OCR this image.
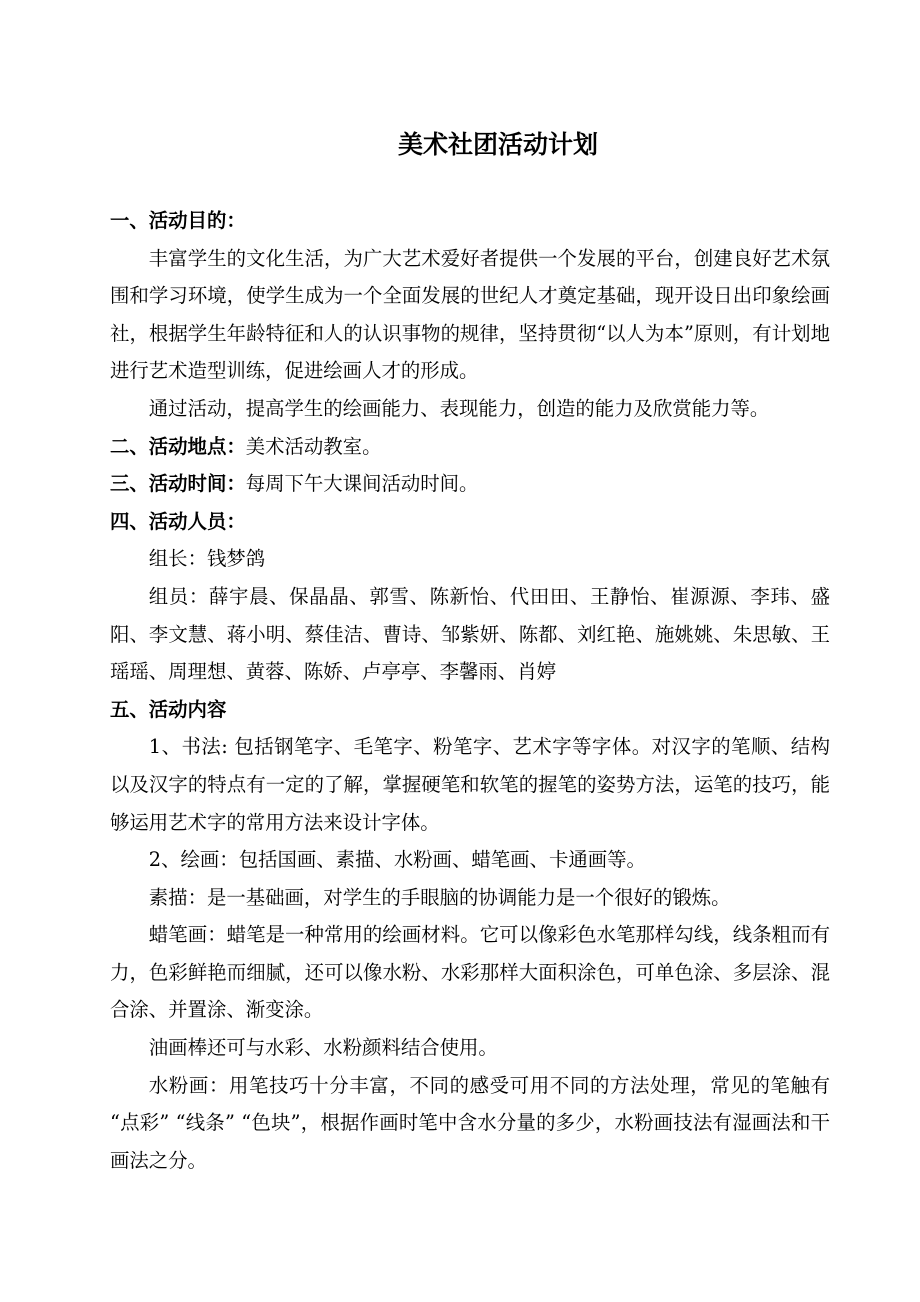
美术社团活动计划

一、活动目的：

丰富学生的文化生活，为广大艺术爱好者提供一个发展的平台，创建良好艺术氛围和学习环境，使学生成为一个全面发展的世纪人才奠定基础，现开设日出印象绘画社，根据学生年龄特征和人的认识事物的规律，坚持贯彻“以人为本”原则，有计划地进行艺术造型训练，促进绘画人才的形成。

通过活动，提高学生的绘画能力、表现能力，创造的能力及欣赏能力等。

二、活动地点：美术活动教室。

三、活动时间：每周下午大课间活动时间。

四、活动人员：

组长：钱梦鸽

组员：薛宇晨、保晶晶、郭雪、陈新怡、代田田、王静怡、崔源源、李玮、盛阳、李文慧、蒋小明、蔡佳洁、曹诗、邹紫妍、陈都、刘红艳、施姚姚、朱思敏、王瑶瑶、周理想、黄蓉、陈娇、卢亭亭、李馨雨、肖婷

五、活动内容

1、书法: 包括钢笔字、毛笔字、粉笔字、艺术字等字体。对汉字的笔顺、结构以及汉字的特点有一定的了解，掌握硬笔和软笔的握笔的姿势方法，运笔的技巧，能够运用艺术字的常用方法来设计字体。

2、绘画：包括国画、素描、水粉画、蜡笔画、卡通画等。

素描：是一基础画，对学生的手眼脑的协调能力是一个很好的锻炼。

蜡笔画：蜡笔是一种常用的绘画材料。它可以像彩色水笔那样勾线，线条粗而有力，色彩鲜艳而细腻，还可以像水粉、水彩那样大面积涂色，可单色涂、多层涂、混合涂、并置涂、渐变涂。

油画棒还可与水彩、水粉颜料结合使用。

水粉画：用笔技巧十分丰富，不同的感受可用不同的方法处理，常见的笔触有 “点彩” “线条” “色块”，根据作画时笔中含水分量的多少，水粉画技法有湿画法和干画法之分。
